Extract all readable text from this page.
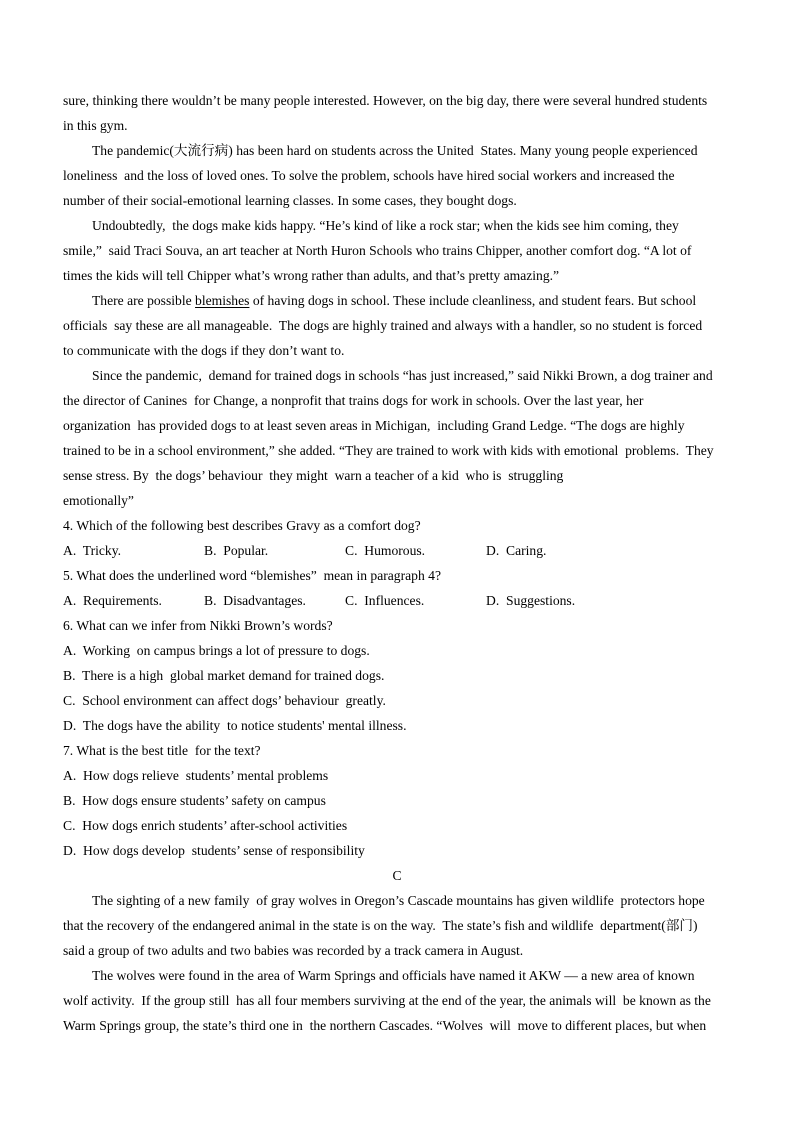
sure, thinking there wouldn’t be many people interested. However, on the big day, there were several hundred students
in this gym.
The pandemic(大流行病) has been hard on students across the United  States. Many young people experienced
loneliness  and the loss of loved ones. To solve the problem, schools have hired social workers and increased the
number of their social-emotional learning classes. In some cases, they bought dogs.
Undoubtedly,  the dogs make kids happy. “He’s kind of like a rock star; when the kids see him coming, they
smile,”  said Traci Souva, an art teacher at North Huron Schools who trains Chipper, another comfort dog. “A lot of
times the kids will tell Chipper what’s wrong rather than adults, and that’s pretty amazing.”
There are possible blemishes of having dogs in school. These include cleanliness, and student fears. But school
officials  say these are all manageable.  The dogs are highly trained and always with a handler, so no student is forced
to communicate with the dogs if they don’t want to.
Since the pandemic,  demand for trained dogs in schools “has just increased,” said Nikki Brown, a dog trainer and
the director of Canines  for Change, a nonprofit that trains dogs for work in schools. Over the last year, her
organization  has provided dogs to at least seven areas in Michigan,  including Grand Ledge. “The dogs are highly
trained to be in a school environment,” she added. “They are trained to work with kids with emotional  problems.  They
sense stress. By  the dogs’ behaviour  they might  warn a teacher of a kid  who is  struggling
emotionally”
4. Which of the following best describes Gravy as a comfort dog?
A.  Tricky.	B.  Popular.	C.  Humorous.	D.  Caring.
5. What does the underlined word “blemishes”  mean in paragraph 4?
A.  Requirements.	B.  Disadvantages.	C.  Influences.	D.  Suggestions.
6. What can we infer from Nikki Brown’s words?
A.  Working  on campus brings a lot of pressure to dogs.
B.  There is a high  global market demand for trained dogs.
C.  School environment can affect dogs’ behaviour  greatly.
D.  The dogs have the ability  to notice students' mental illness.
7. What is the best title  for the text?
A.  How dogs relieve  students’ mental problems
B.  How dogs ensure students’ safety on campus
C.  How dogs enrich students’ after-school activities
D.  How dogs develop  students’ sense of responsibility
C
The sighting of a new family  of gray wolves in Oregon’s Cascade mountains has given wildlife  protectors hope
that the recovery of the endangered animal in the state is on the way.  The state’s fish and wildlife  department(部门)
said a group of two adults and two babies was recorded by a track camera in August.
The wolves were found in the area of Warm Springs and officials have named it AKW — a new area of known
wolf activity.  If the group still  has all four members surviving at the end of the year, the animals will  be known as the
Warm Springs group, the state’s third one in  the northern Cascades. “Wolves  will  move to different places, but when
